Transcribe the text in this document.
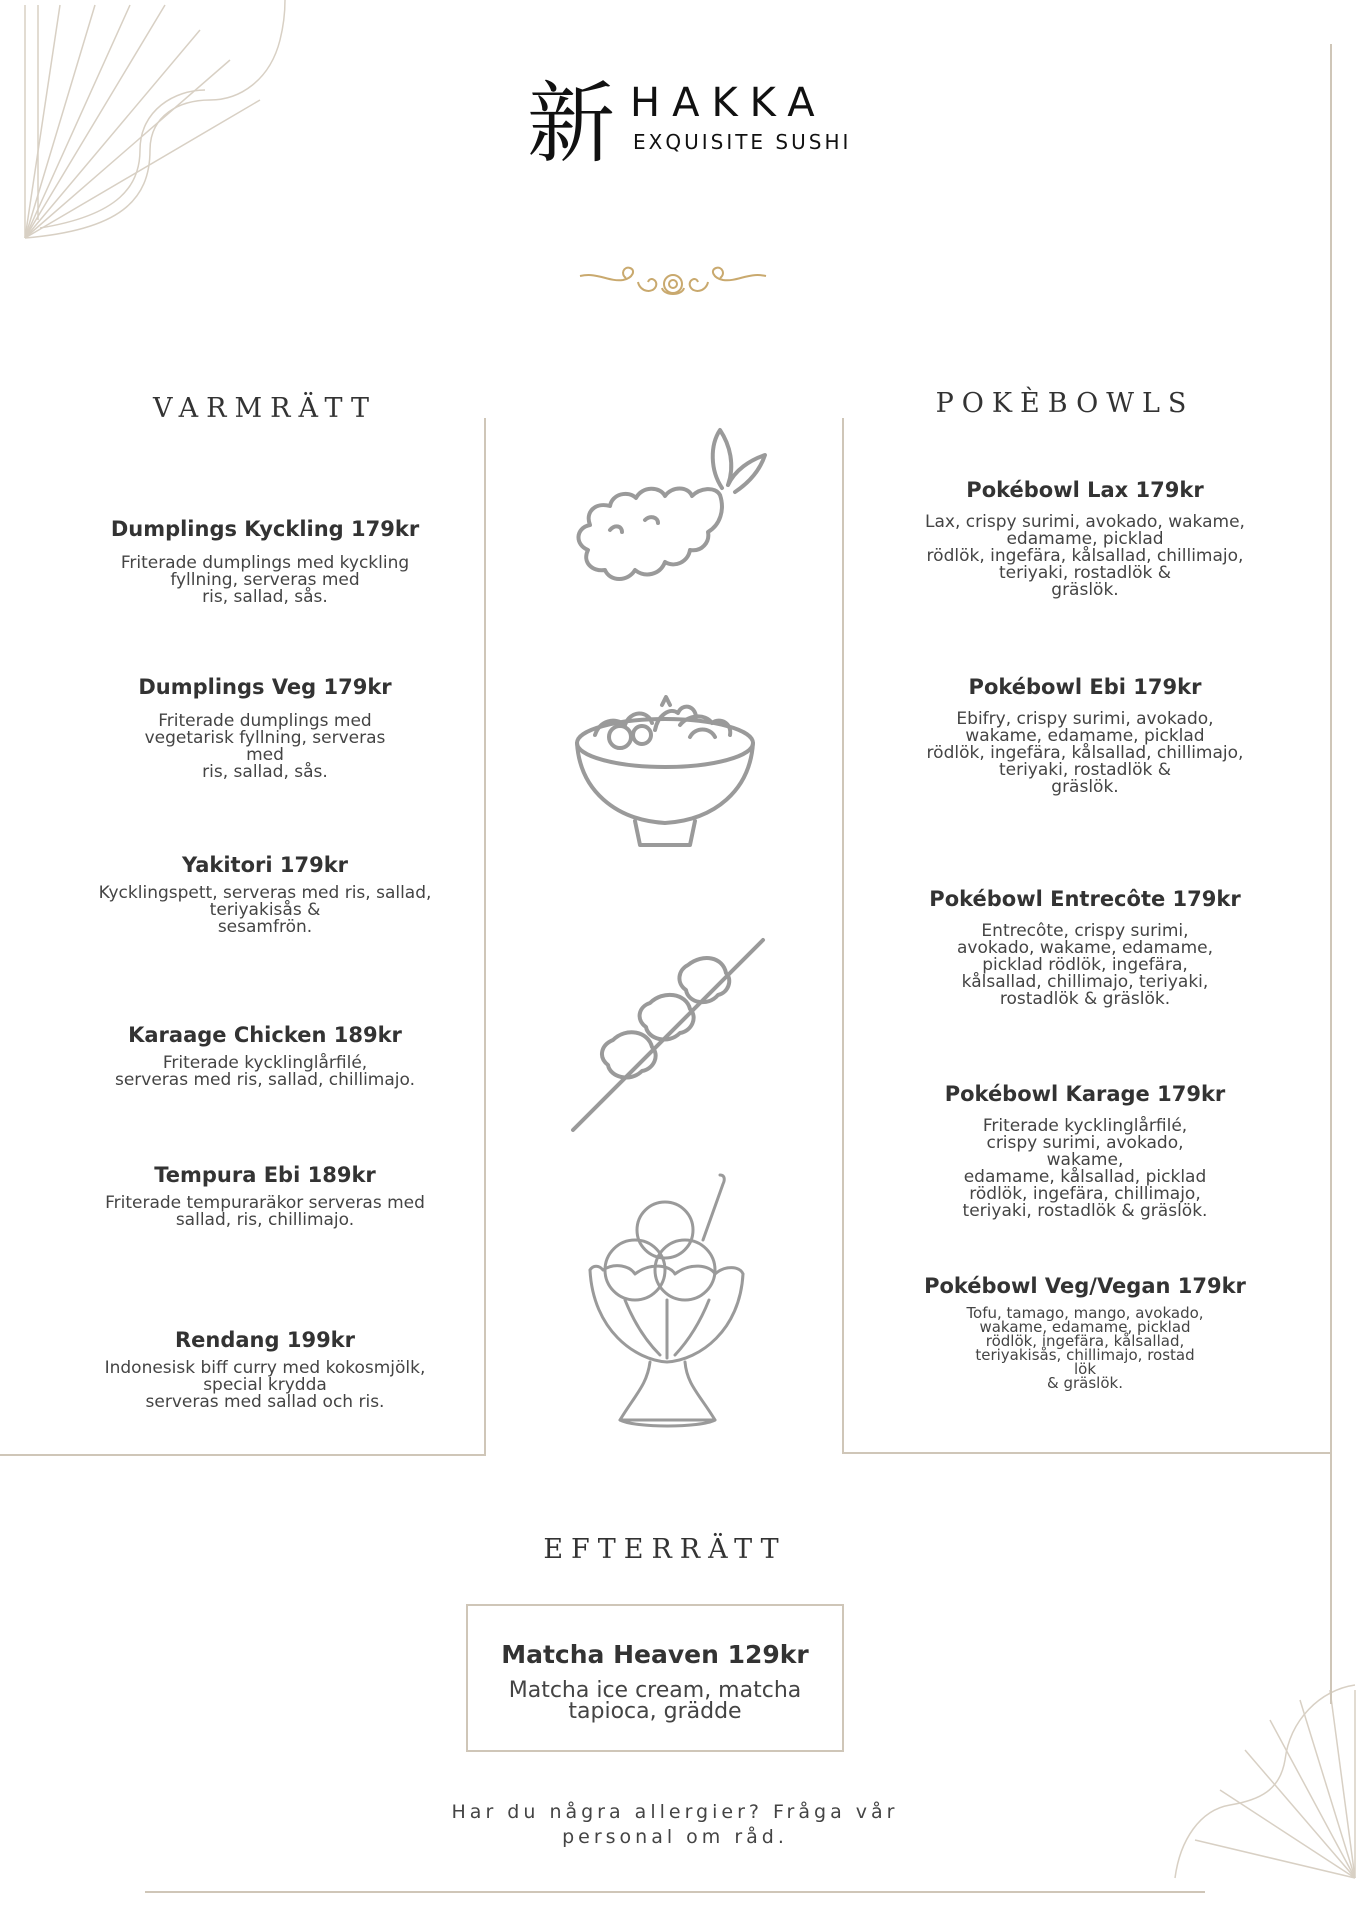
新 HAKKA
EXQUISITE SUSHI
VARMRÄTT	POKÈBOWLS
Dumplings Kyckling 179kr
Friterade dumplings med kyckling
fyllning, serveras med
ris, sallad, sås.
Dumplings Veg 179kr
Friterade dumplings med
vegetarisk fyllning, serveras
med
ris, sallad, sås.
Yakitori 179kr
Kycklingspett, serveras med ris, sallad,
teriyakisås &
sesamfrön.
Karaage Chicken 189kr
Friterade kycklinglårfilé,
serveras med ris, sallad, chillimajo.
Tempura Ebi 189kr
Friterade tempuraräkor serveras med
sallad, ris, chillimajo.
Rendang 199kr
Indonesisk biff curry med kokosmjölk,
special krydda
serveras med sallad och ris.
Pokébowl Lax 179kr
Lax, crispy surimi, avokado, wakame,
edamame, picklad
rödlök, ingefära, kålsallad, chillimajo,
teriyaki, rostadlök &
gräslök.
Pokébowl Ebi 179kr
Ebifry, crispy surimi, avokado,
wakame, edamame, picklad
rödlök, ingefära, kålsallad, chillimajo,
teriyaki, rostadlök &
gräslök.
Pokébowl Entrecôte 179kr
Entrecôte, crispy surimi,
avokado, wakame, edamame,
picklad rödlök, ingefära,
kålsallad, chillimajo, teriyaki,
rostadlök & gräslök.
Pokébowl Karage 179kr
Friterade kycklinglårfilé,
crispy surimi, avokado,
wakame,
edamame, kålsallad, picklad
rödlök, ingefära, chillimajo,
teriyaki, rostadlök & gräslök.
Pokébowl Veg/Vegan 179kr
Tofu, tamago, mango, avokado,
wakame, edamame, picklad
rödlök, ingefära, kålsallad,
teriyakisås, chillimajo, rostad
lök
& gräslök.
EFTERRÄTT
Matcha Heaven 129kr
Matcha ice cream, matcha
tapioca, grädde
Har du några allergier? Fråga vår
personal om råd.
